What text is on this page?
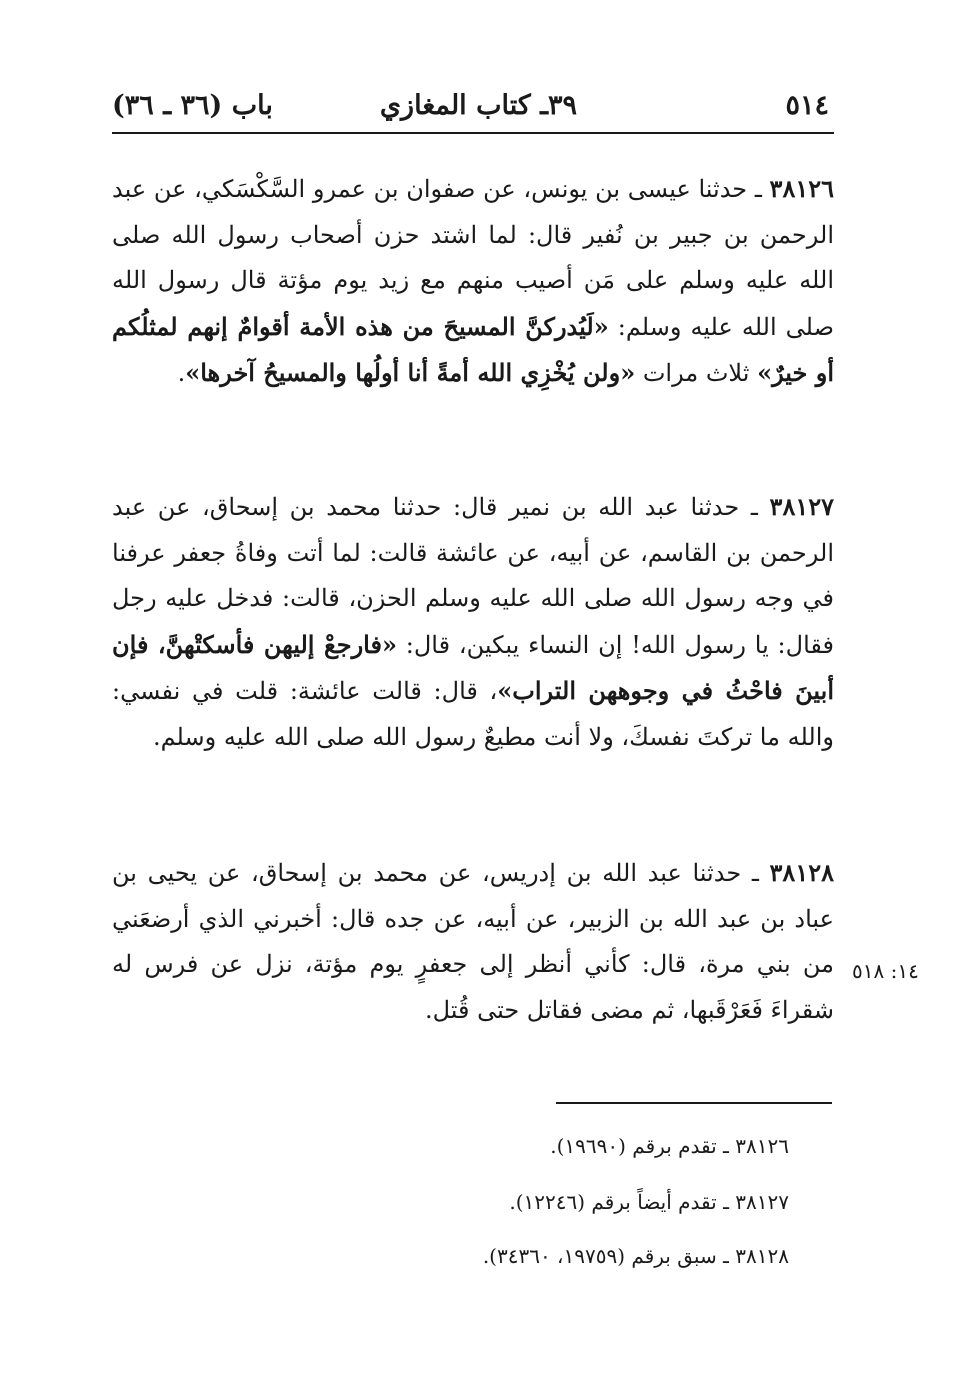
٥١٤
٣٩ـ كتاب المغازي
باب (٣٦ ـ ٣٦)
٣٨١٢٦ ـ حدثنا عيسى بن يونس، عن صفوان بن عمرو السَّكْسَكي، عن عبد الرحمن بن جبير بن نُفير قال: لما اشتد حزن أصحاب رسول الله صلى الله عليه وسلم على مَن أصيب منهم مع زيد يوم مؤتة قال رسول الله صلى الله عليه وسلم: «لَيُدركنَّ المسيحَ من هذه الأمة أقوامٌ إنهم لمثلُكم أو خيرٌ» ثلاث مرات «ولن يُخْزِي الله أمةً أنا أولُها والمسيحُ آخرها».
٣٨١٢٧ ـ حدثنا عبد الله بن نمير قال: حدثنا محمد بن إسحاق، عن عبد الرحمن بن القاسم، عن أبيه، عن عائشة قالت: لما أتت وفاةُ جعفر عرفنا في وجه رسول الله صلى الله عليه وسلم الحزن، قالت: فدخل عليه رجل فقال: يا رسول الله! إن النساء يبكين، قال: «فارجعْ إليهن فأسكتْهنَّ، فإن أبينَ فاحْثُ في وجوههن التراب»، قال: قالت عائشة: قلت في نفسي: والله ما تركتَ نفسكَ، ولا أنت مطيعٌ رسول الله صلى الله عليه وسلم.
٣٨١٢٨ ـ حدثنا عبد الله بن إدريس، عن محمد بن إسحاق، عن يحيى بن عباد بن عبد الله بن الزبير، عن أبيه، عن جده قال: أخبرني الذي أرضعَني من بني مرة، قال: كأني أنظر إلى جعفرٍ يوم مؤتة، نزل عن فرس له شقراءَ فَعَرْقَبها، ثم مضى فقاتل حتى قُتل.
١٤: ٥١٨
٣٨١٢٦ ـ تقدم برقم (١٩٦٩٠).
٣٨١٢٧ ـ تقدم أيضاً برقم (١٢٢٤٦).
٣٨١٢٨ ـ سبق برقم (١٩٧٥٩، ٣٤٣٦٠).
